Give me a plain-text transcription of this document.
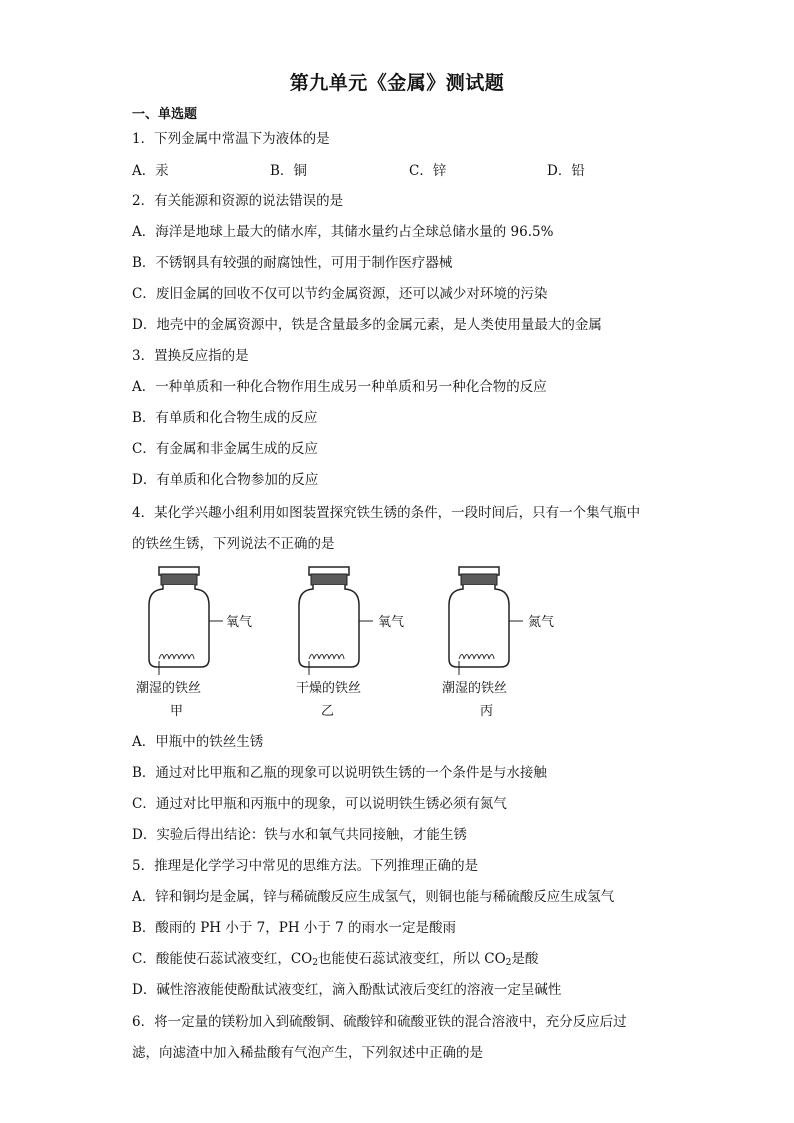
第九单元《金属》测试题
一、单选题
1．下列金属中常温下为液体的是
A．汞	B．铜	C．锌	D．铅
2．有关能源和资源的说法错误的是
A．海洋是地球上最大的储水库，其储水量约占全球总储水量的 96.5%
B．不锈钢具有较强的耐腐蚀性，可用于制作医疗器械
C．废旧金属的回收不仅可以节约金属资源，还可以减少对环境的污染
D．地壳中的金属资源中，铁是含量最多的金属元素，是人类使用量最大的金属
3．置换反应指的是
A．一种单质和一种化合物作用生成另一种单质和另一种化合物的反应
B．有单质和化合物生成的反应
C．有金属和非金属生成的反应
D．有单质和化合物参加的反应
4．某化学兴趣小组利用如图装置探究铁生锈的条件，一段时间后，只有一个集气瓶中
的铁丝生锈，下列说法不正确的是
氧气
潮湿的铁丝
甲
氧气
干燥的铁丝
乙
氮气
潮湿的铁丝
丙
A．甲瓶中的铁丝生锈
B．通过对比甲瓶和乙瓶的现象可以说明铁生锈的一个条件是与水接触
C．通过对比甲瓶和丙瓶中的现象，可以说明铁生锈必须有氮气
D．实验后得出结论：铁与水和氧气共同接触，才能生锈
5．推理是化学学习中常见的思维方法。下列推理正确的是
A．锌和铜均是金属，锌与稀硫酸反应生成氢气，则铜也能与稀硫酸反应生成氢气
B．酸雨的 PH 小于 7，PH 小于 7 的雨水一定是酸雨
C．酸能使石蕊试液变红，$CO_2$也能使石蕊试液变红，所以 $CO_2$是酸
D．碱性溶液能使酚酞试液变红，滴入酚酞试液后变红的溶液一定呈碱性
6．将一定量的镁粉加入到硫酸铜、硫酸锌和硫酸亚铁的混合溶液中，充分反应后过
滤，向滤渣中加入稀盐酸有气泡产生，下列叙述中正确的是
